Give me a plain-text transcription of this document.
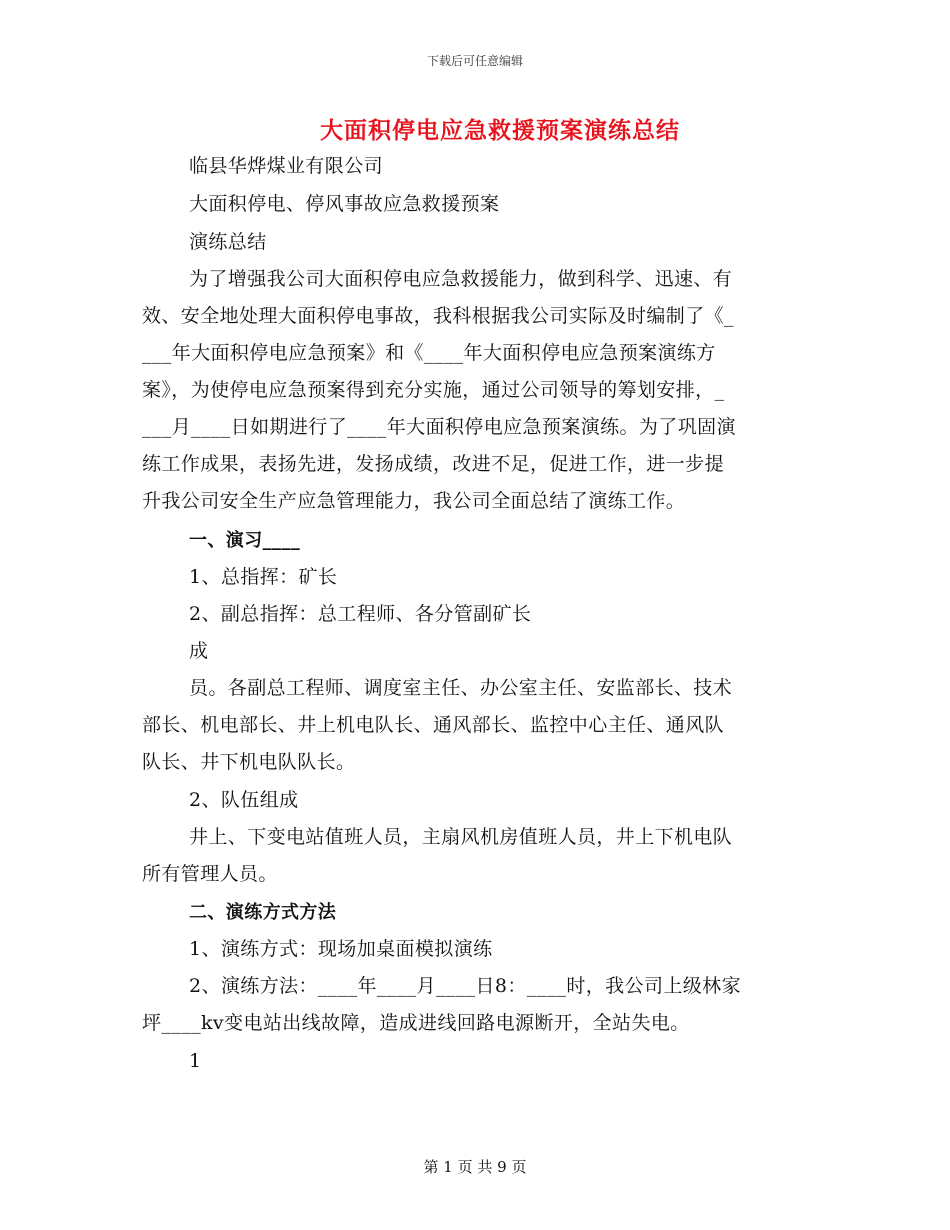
下载后可任意编辑
大面积停电应急救援预案演练总结
临县华烨煤业有限公司
大面积停电、停风事故应急救援预案
演练总结
为了增强我公司大面积停电应急救援能力，做到科学、迅速、有
效、安全地处理大面积停电事故，我科根据我公司实际及时编制了《_
___年大面积停电应急预案》和《____年大面积停电应急预案演练方
案》，为使停电应急预案得到充分实施，通过公司领导的筹划安排，_
___月____日如期进行了____年大面积停电应急预案演练。为了巩固演
练工作成果，表扬先进，发扬成绩，改进不足，促进工作，进一步提
升我公司安全生产应急管理能力，我公司全面总结了演练工作。
一、演习____
1、总指挥：矿长
2、副总指挥：总工程师、各分管副矿长
成
员。各副总工程师、调度室主任、办公室主任、安监部长、技术
部长、机电部长、井上机电队长、通风部长、监控中心主任、通风队
队长、井下机电队队长。
2、队伍组成
井上、下变电站值班人员，主扇风机房值班人员，井上下机电队
所有管理人员。
二、演练方式方法
1、演练方式：现场加桌面模拟演练
2、演练方法：____年____月____日8：____时，我公司上级林家
坪____kv变电站出线故障，造成进线回路电源断开，全站失电。
1
第 1 页 共 9 页
